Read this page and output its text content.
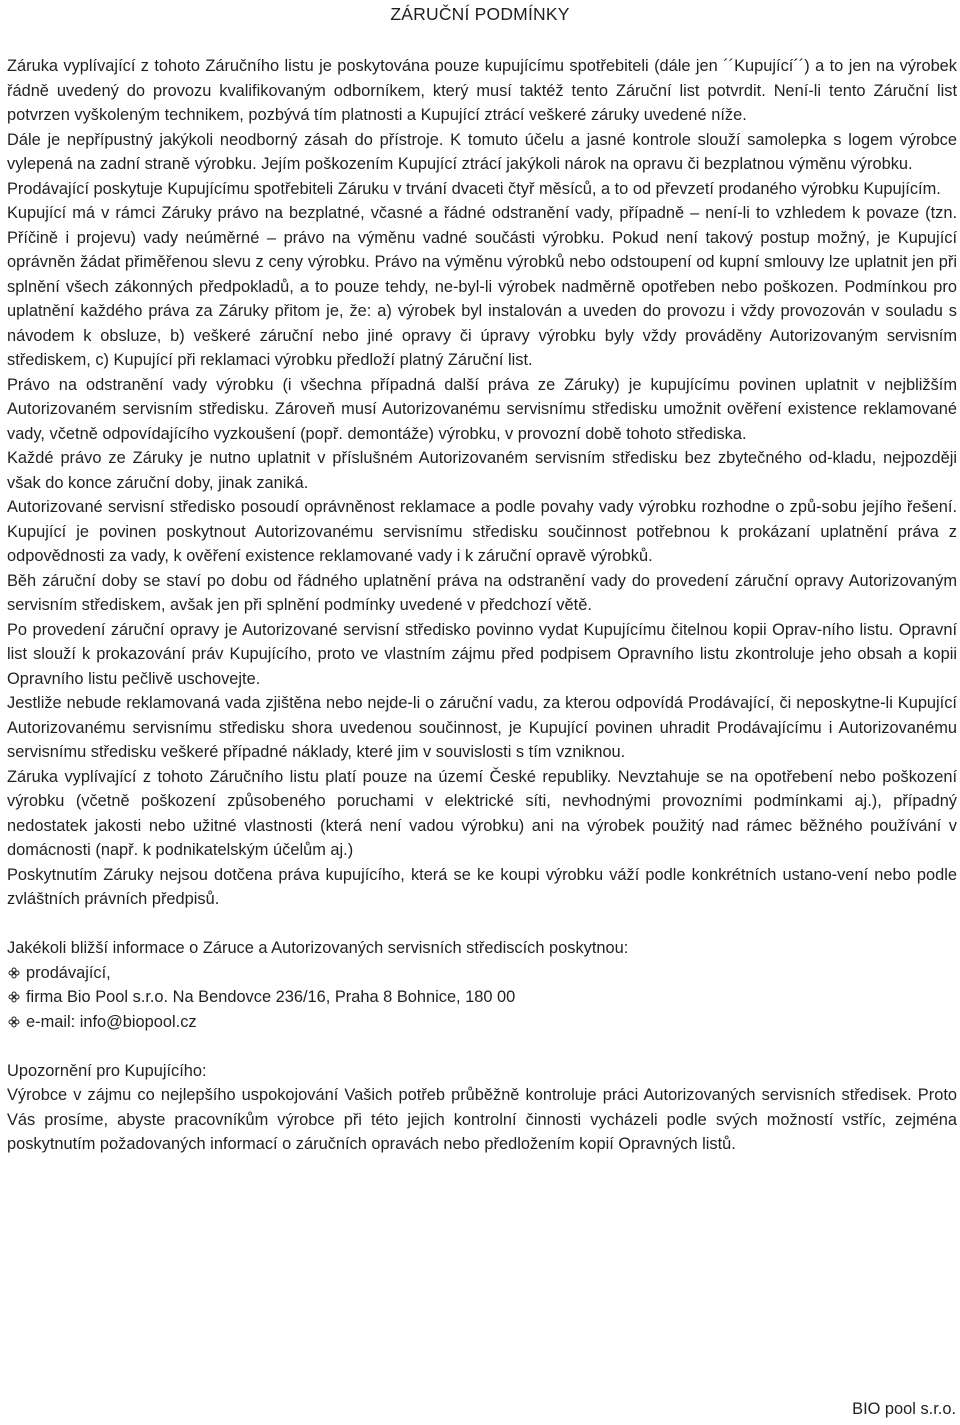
ZÁRUČNÍ PODMÍNKY

Záruka vyplívající z tohoto Záručního listu je poskytována pouze kupujícímu spotřebiteli (dále jen ´´Kupující´´) a to jen na výrobek řádně uvedený do provozu kvalifikovaným odborníkem, který musí taktéž tento Záruční list potvrdit. Není-li tento Záruční list potvrzen vyškoleným technikem, pozbývá tím platnosti a Kupující ztrácí veškeré záruky uvedené níže.

Dále je nepřípustný jakýkoli neodborný zásah do přístroje. K tomuto účelu a jasné kontrole slouží samolepka s logem výrobce vylepená na zadní straně výrobku. Jejím poškozením Kupující ztrácí jakýkoli nárok na opravu či bezplatnou výměnu výrobku.

Prodávající poskytuje Kupujícímu spotřebiteli Záruku v trvání dvaceti čtyř měsíců, a to od převzetí prodaného výrobku Kupujícím.

Kupující má v rámci Záruky právo na bezplatné, včasné a řádné odstranění vady, případně – není-li to vzhledem k povaze (tzn. Příčině i projevu) vady neúměrné – právo na výměnu vadné součásti výrobku. Pokud není takový postup možný, je Kupující oprávněn žádat přiměřenou slevu z ceny výrobku. Právo na výměnu výrobků nebo odstoupení od kupní smlouvy lze uplatnit jen při splnění všech zákonných předpokladů, a to pouze tehdy, ne-byl-li výrobek nadměrně opotřeben nebo poškozen. Podmínkou pro uplatnění každého práva za Záruky přitom je, že: a) výrobek byl instalován a uveden do provozu i vždy provozován v souladu s návodem k obsluze, b) veškeré záruční nebo jiné opravy či úpravy výrobku byly vždy prováděny Autorizovaným servisním střediskem, c) Kupující při reklamaci výrobku předloží platný Záruční list.

Právo na odstranění vady výrobku (i všechna případná další práva ze Záruky) je kupujícímu povinen uplatnit v nejbližším Autorizovaném servisním středisku. Zároveň musí Autorizovanému servisnímu středisku umožnit ověření existence reklamované vady, včetně odpovídajícího vyzkoušení (popř. demontáže) výrobku, v provozní době tohoto střediska.

Každé právo ze Záruky je nutno uplatnit v příslušném Autorizovaném servisním středisku bez zbytečného od-kladu, nejpozději však do konce záruční doby, jinak zaniká.

Autorizované servisní středisko posoudí oprávněnost reklamace a podle povahy vady výrobku rozhodne o způ-sobu jejího řešení. Kupující je povinen poskytnout Autorizovanému servisnímu středisku součinnost potřebnou k prokázaní uplatnění práva z odpovědnosti za vady, k ověření existence reklamované vady i k záruční opravě výrobků.

Běh záruční doby se staví po dobu od řádného uplatnění práva na odstranění vady do provedení záruční opravy Autorizovaným servisním střediskem, avšak jen při splnění podmínky uvedené v předchozí větě.

Po provedení záruční opravy je Autorizované servisní středisko povinno vydat Kupujícímu čitelnou kopii Oprav-ního listu. Opravní list slouží k prokazování práv Kupujícího, proto ve vlastním zájmu před podpisem Opravního listu zkontroluje jeho obsah a kopii Opravního listu pečlivě uschovejte.

Jestliže nebude reklamovaná vada zjištěna nebo nejde-li o záruční vadu, za kterou odpovídá Prodávající, či neposkytne-li Kupující Autorizovanému servisnímu středisku shora uvedenou součinnost, je Kupující povinen uhradit Prodávajícímu i Autorizovanému servisnímu středisku veškeré případné náklady, které jim v souvislosti s tím vzniknou.

Záruka vyplívající z tohoto Záručního listu platí pouze na území České republiky. Nevztahuje se na opotřebení nebo poškození výrobku (včetně poškození způsobeného poruchami v elektrické síti, nevhodnými provozními podmínkami aj.), případný nedostatek jakosti nebo užitné vlastnosti (která není vadou výrobku) ani na výrobek použitý nad rámec běžného používání v domácnosti (např. k podnikatelským účelům aj.)

Poskytnutím Záruky nejsou dotčena práva kupujícího, která se ke koupi výrobku váží podle konkrétních ustano-vení nebo podle zvláštních právních předpisů.

Jakékoli bližší informace o Záruce a Autorizovaných servisních střediscích poskytnou:

prodávající,
firma Bio Pool s.r.o. Na Bendovce 236/16, Praha 8 Bohnice, 180 00
e-mail: info@biopool.cz

Upozornění pro Kupujícího:

Výrobce v zájmu co nejlepšího uspokojování Vašich potřeb průběžně kontroluje práci Autorizovaných servisních středisek. Proto Vás prosíme, abyste pracovníkům výrobce při této jejich kontrolní činnosti vycházeli podle svých možností vstříc, zejména poskytnutím požadovaných informací o záručních opravách nebo předložením kopií Opravných listů.

BIO pool s.r.o.
